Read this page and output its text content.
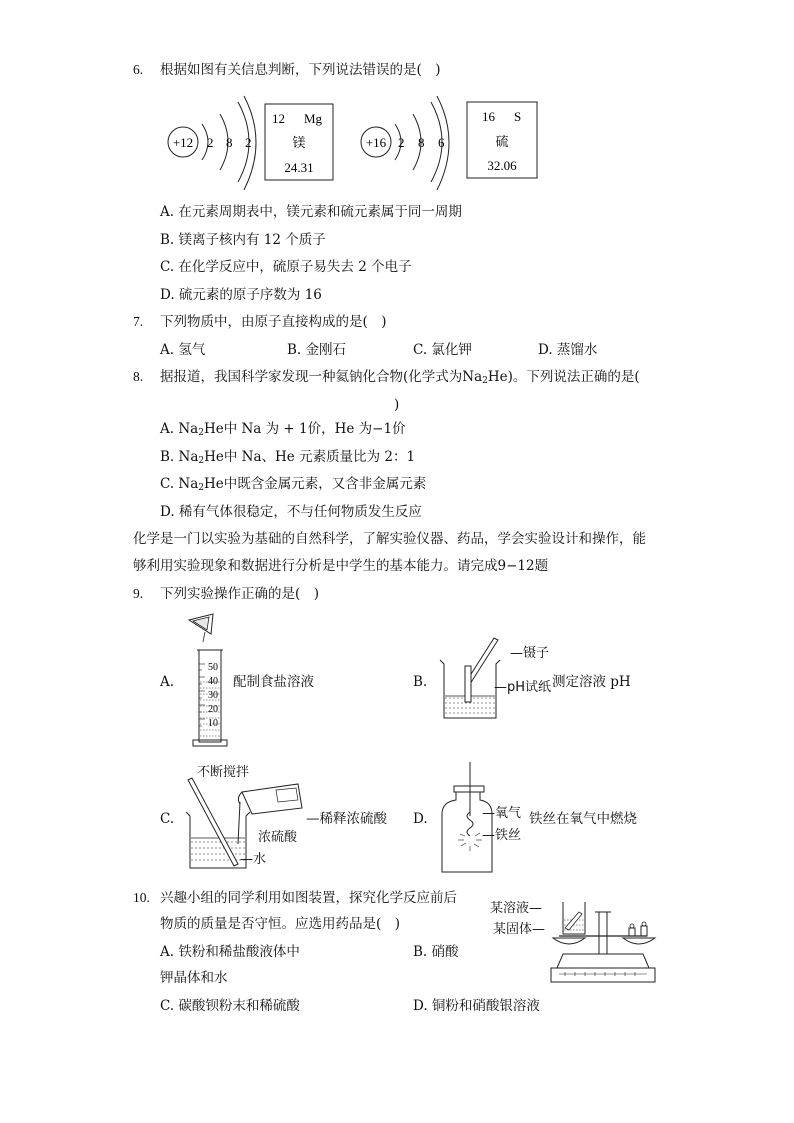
6. 根据如图有关信息判断，下列说法错误的是(　)
+12 2 8 2
12 Mg
镁
24.31
+16 2 8 6
16 S
硫
32.06
A. 在元素周期表中，镁元素和硫元素属于同一周期
B. 镁离子核内有 12 个质子
C. 在化学反应中，硫原子易失去 2 个电子
D. 硫元素的原子序数为 16
7. 下列物质中，由原子直接构成的是(　)
A. 氢气	B. 金刚石	C. 氯化钾	D. 蒸馏水
8. 据报道，我国科学家发现一种氦钠化合物(化学式为$Na_2He$)。下列说法正确的是(
)
A. $Na_2He$中 Na 为 + 1价，He 为−1价
B. $Na_2He$中 Na、He 元素质量比为 2：1
C. $Na_2He$中既含金属元素，又含非金属元素
D. 稀有气体很稳定，不与任何物质发生反应
化学是一门以实验为基础的自然科学，了解实验仪器、药品，学会实验设计和操作，能
够利用实验现象和数据进行分析是中学生的基本能力。请完成9−12题
9. 下列实验操作正确的是(　)
A.
50
40
30
20
10
配制食盐溶液	B.
—镊子
—pH试纸 测定溶液 pH
不断搅拌
C.	—稀释浓硫酸
浓硫酸
—水
D.	—氧气
—铁丝
铁丝在氧气中燃烧
10. 兴趣小组的同学利用如图装置，探究化学反应前后
物质的质量是否守恒。应选用药品是(　)
某溶液—
某固体—
A. 铁粉和稀盐酸液体中	B. 硝酸
钾晶体和水
C. 碳酸钡粉末和稀硫酸	D. 铜粉和硝酸银溶液
